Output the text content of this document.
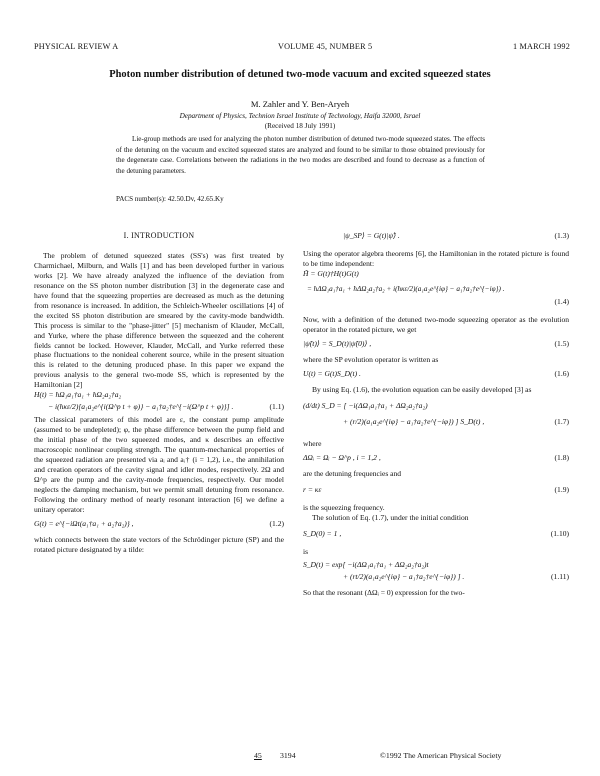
PHYSICAL REVIEW A	VOLUME 45, NUMBER 5	1 MARCH 1992
Photon number distribution of detuned two-mode vacuum and excited squeezed states
M. Zahler and Y. Ben-Aryeh
Department of Physics, Technion Israel Institute of Technology, Haifa 32000, Israel
(Received 18 July 1991)
Lie-group methods are used for analyzing the photon number distribution of detuned two-mode squeezed states. The effects of the detuning on the vacuum and excited squeezed states are analyzed and found to be similar to those obtained previously for the degenerate case. Correlations between the radiations in the two modes are described and found to decrease as a function of the detuning parameters.
PACS number(s): 42.50.Dv, 42.65.Ky
I. INTRODUCTION
The problem of detuned squeezed states (SS's) was first treated by Charmichael, Milburn, and Walls [1] and has been developed further in various works [2]. We have already analyzed the influence of the deviation from resonance on the SS photon number distribution [3] in the degenerate case and have found that the squeezing properties are decreased as much as the detuning from resonance is increased. In addition, the Schleich-Wheeler oscillations [4] of the excited SS photon distribution are smeared by the cavity-mode bandwidth. This process is similar to the "phase-jitter" [5] mechanism of Klauder, McCall, and Yurke, where the phase difference between the squeezed and the coherent fields cannot be locked. However, Klauder, McCall, and Yurke referred these phase fluctuations to the nonideal coherent source, while in the present situation this is related to the detuning produced phase. In this paper we expand the previous analysis to the general two-mode SS, which is represented by the Hamiltonian [2]
H(t) = ħΩ₁a₁†a₁ + ħΩ₂a₂†a₂
− i(ħκε/2)[a₁a₂e^{i(Ω^p t + φ)} − a₁†a₂†e^{−i(Ω^p t + φ)}] .	(1.1)
The classical parameters of this model are ε, the constant pump amplitude (assumed to be undepleted); φ, the phase difference between the pump field and the initial phase of the two squeezed modes, and κ describes an effective macroscopic nonlinear coupling strength. The quantum-mechanical properties of the squeezed radiation are presented via aᵢ and aᵢ† (i = 1,2), i.e., the annihilation and creation operators of the cavity signal and idler modes, respectively. 2Ω and Ω^p are the pump and the cavity-mode frequencies, respectively. Our model neglects the damping mechanism, but we permit small detuning from resonance. Following the ordinary method of nearly resonant interaction [6] we define a unitary operator:
G(t) = e^{−iΩt(a₁†a₁ + a₂†a₂)} ,	(1.2)
which connects between the state vectors of the Schrödinger picture (SP) and the rotated picture designated by a tilde:
|ψ_SP⟩ = G(t)|ψ̃⟩ .	(1.3)
Using the operator algebra theorems [6], the Hamiltonian in the rotated picture is found to be time independent:
H̃ = G(t)†H(t)G(t)
= ħΔΩ₁a₁†a₁ + ħΔΩ₂a₂†a₂ + i(ħκε/2)(a₁a₂e^{iφ} − a₁†a₂†e^{−iφ}) .
(1.4)
Now, with a definition of the detuned two-mode squeezing operator as the evolution operator in the rotated picture, we get
|ψ̃(t)⟩ = S_D(t)|ψ̃(0)⟩ ,	(1.5)
where the SP evolution operator is written as
U(t) = G(t)S_D(t) .	(1.6)
By using Eq. (1.6), the evolution equation can be easily developed [3] as
(d/dt) S_D = [ −i(ΔΩ₁a₁†a₁ + ΔΩ₂a₂†a₂)
+ (r/2)(a₁a₂e^{iφ} − a₁†a₂†e^{−iφ}) ] S_D(t) ,	(1.7)
where
ΔΩᵢ = Ωᵢ − Ω^p , i = 1,2 ,	(1.8)
are the detuning frequencies and
r = κε	(1.9)
is the squeezing frequency.
The solution of Eq. (1.7), under the initial condition
S_D(0) = 1 ,	(1.10)
is
S_D(t) = exp[ −i(ΔΩ₁a₁†a₁ + ΔΩ₂a₂†a₂)t
+ (rt/2)(a₁a₂e^{iφ} − a₁†a₂†e^{−iφ}) ] .	(1.11)
So that the resonant (ΔΩᵢ = 0) expression for the two-
45 3194	©1992 The American Physical Society
